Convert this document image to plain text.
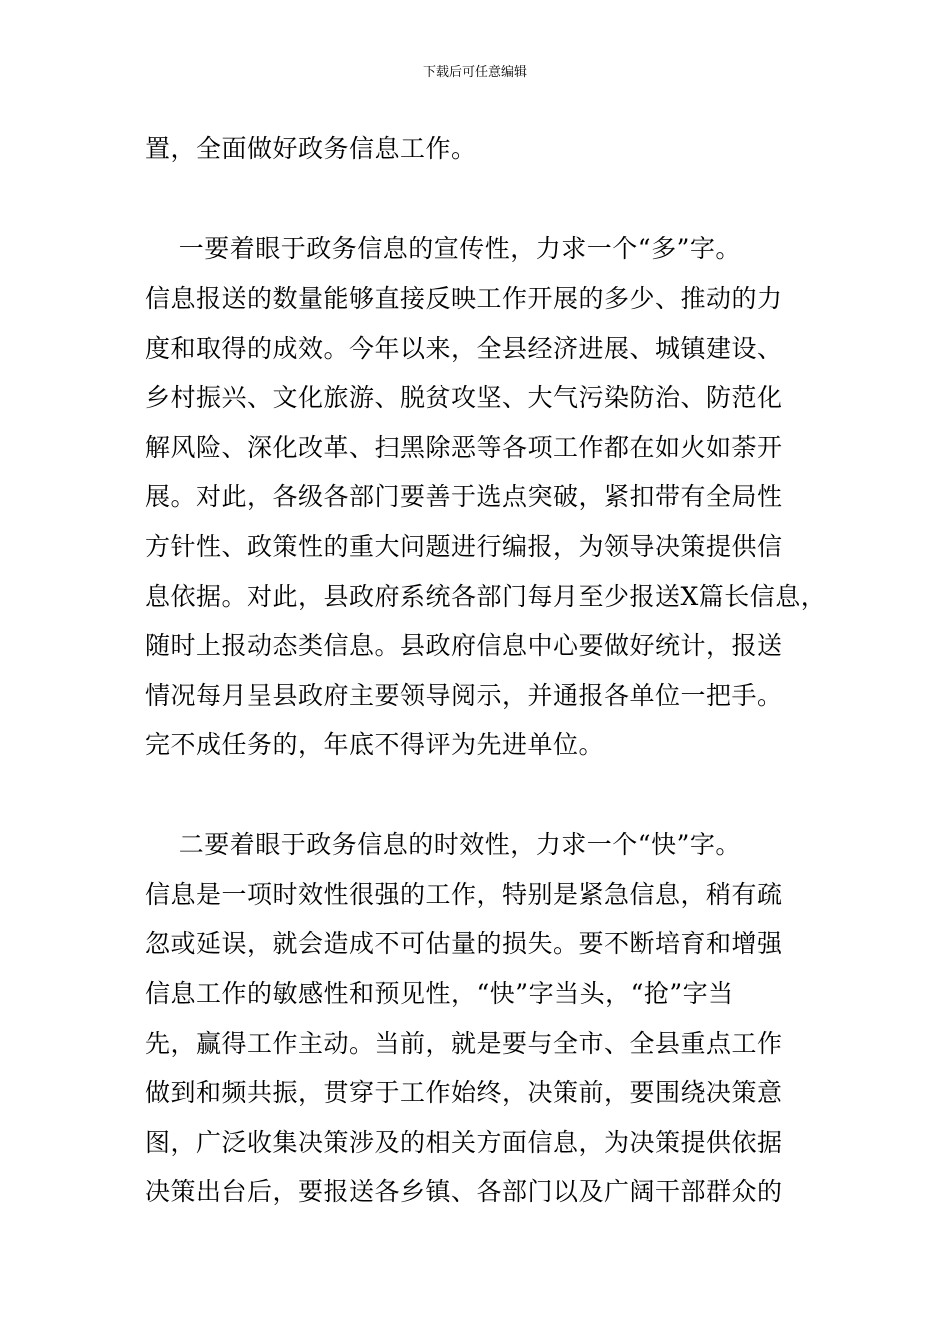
下载后可任意编辑
置，全面做好政务信息工作。
一要着眼于政务信息的宣传性，力求一个“多”字。
信息报送的数量能够直接反映工作开展的多少、推动的力
度和取得的成效。今年以来，全县经济进展、城镇建设、
乡村振兴、文化旅游、脱贫攻坚、大气污染防治、防范化
解风险、深化改革、扫黑除恶等各项工作都在如火如荼开
展。对此，各级各部门要善于选点突破，紧扣带有全局性
方针性、政策性的重大问题进行编报，为领导决策提供信
息依据。对此，县政府系统各部门每月至少报送X篇长信息，
随时上报动态类信息。县政府信息中心要做好统计，报送
情况每月呈县政府主要领导阅示，并通报各单位一把手。
完不成任务的，年底不得评为先进单位。
二要着眼于政务信息的时效性，力求一个“快”字。
信息是一项时效性很强的工作，特别是紧急信息，稍有疏
忽或延误，就会造成不可估量的损失。要不断培育和增强
信息工作的敏感性和预见性，“快”字当头，“抢”字当
先，赢得工作主动。当前，就是要与全市、全县重点工作
做到和频共振，贯穿于工作始终，决策前，要围绕决策意
图，广泛收集决策涉及的相关方面信息，为决策提供依据
决策出台后，要报送各乡镇、各部门以及广阔干部群众的
